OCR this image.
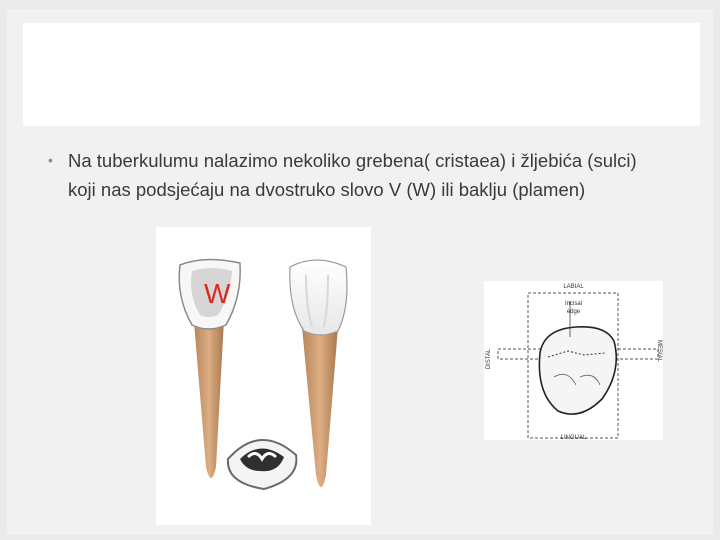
• Na tuberkulumu nalazimo nekoliko grebena( cristaea) i žljebića (sulci) koji nas podsjećaju na dvostruko slovo V (W) ili baklju (plamen)
W	LABIAL
LINGUAL
Incisal
edge
DISTAL	MESIAL
